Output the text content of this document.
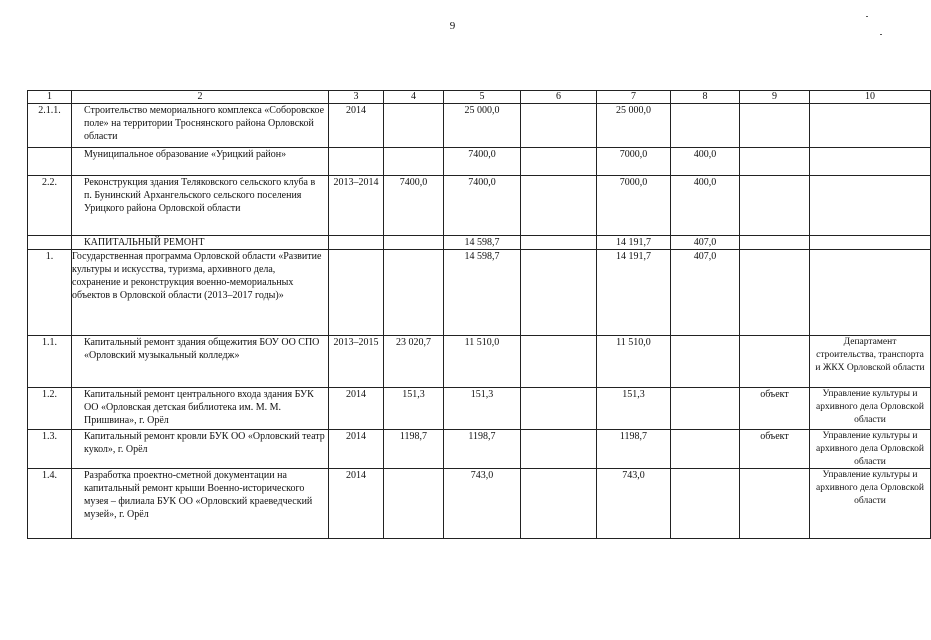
9
1	2	3	4	5	6	7	8	9	10
2.1.1.	Строительство мемориального комплекса «Соборовское поле» на территории Троснянского района Орловской области	2014		25 000,0		25 000,0			
	Муниципальное образование «Урицкий район»			7400,0		7000,0	400,0		
2.2.	Реконструкция здания Теляковского сельского клуба в п. Бунинский Архангельского сельского поселения Урицкого района Орловской области	2013–2014	7400,0	7400,0		7000,0	400,0		
	КАПИТАЛЬНЫЙ РЕМОНТ			14 598,7		14 191,7	407,0		
1.	Государственная программа Орловской области «Развитие культуры и искусства, туризма, архивного дела, сохранение и реконструкция военно-мемориальных объектов в Орловской области (2013–2017 годы)»			14 598,7		14 191,7	407,0		
1.1.	Капитальный ремонт здания общежития БОУ ОО СПО «Орловский музыкальный колледж»	2013–2015	23 020,7	11 510,0		11 510,0			Департамент строительства, транспорта и ЖКХ Орловской области
1.2.	Капитальный ремонт центрального входа здания БУК ОО «Орловская детская библиотека им. М. М. Пришвина», г. Орёл	2014	151,3	151,3		151,3		объект	Управление культуры и архивного дела Орловской области
1.3.	Капитальный ремонт кровли БУК ОО «Орловский театр кукол», г. Орёл	2014	1198,7	1198,7		1198,7		объект	Управление культуры и архивного дела Орловской области
1.4.	Разработка проектно-сметной документации на капитальный ремонт крыши Военно-исторического музея – филиала БУК ОО «Орловский краеведческий музей», г. Орёл	2014		743,0		743,0			Управление культуры и архивного дела Орловской области
